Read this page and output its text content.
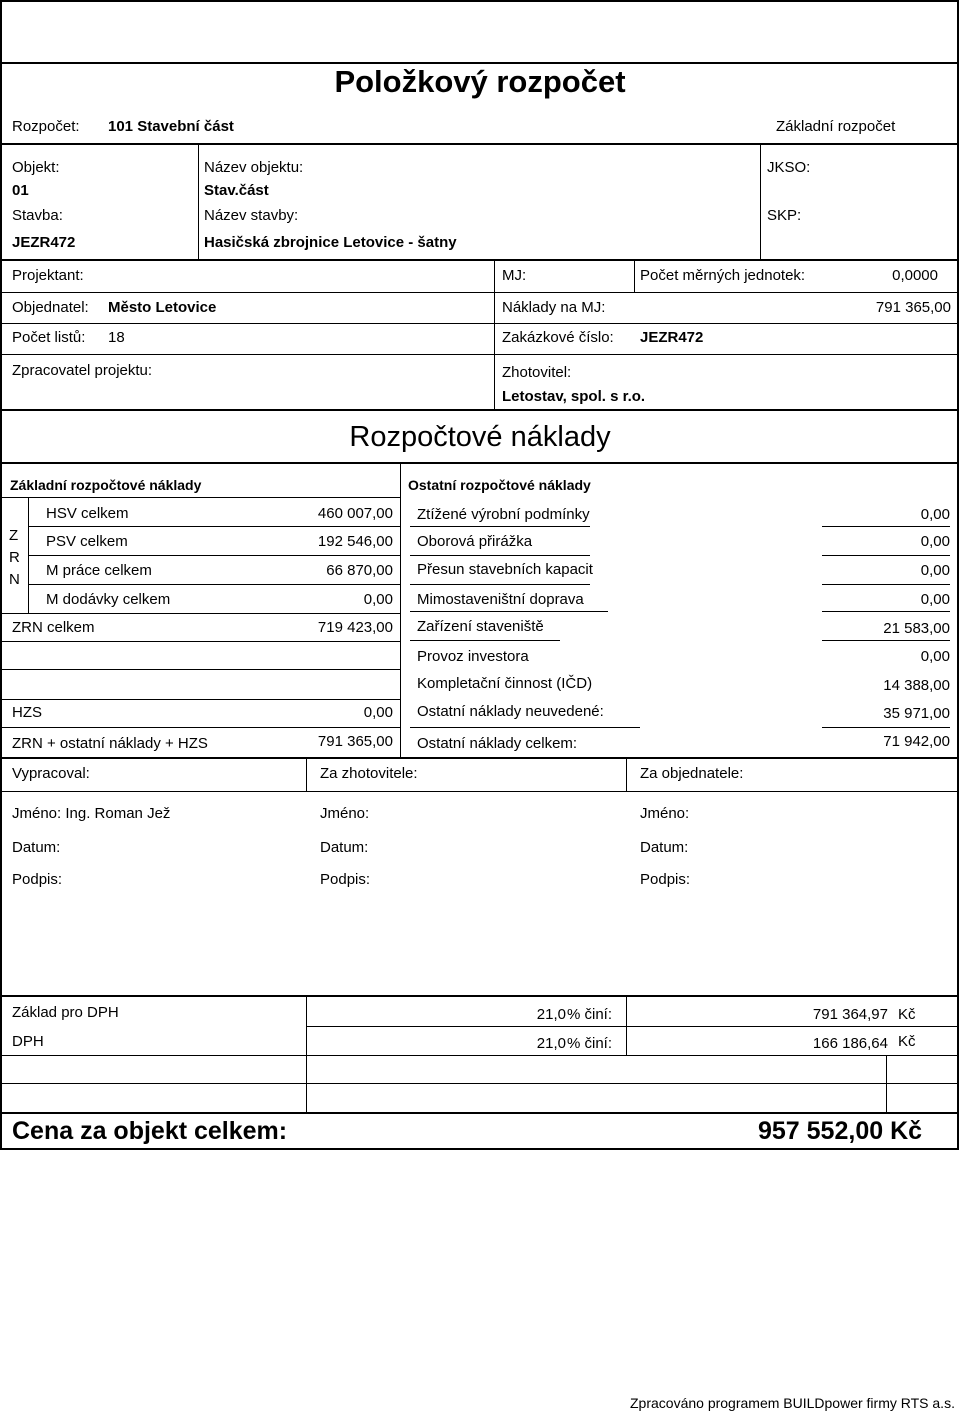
Položkový rozpočet
Rozpočet: 101 Stavební část	Základní rozpočet
Objekt:
01
Název objektu:
Stav.část
JKSO:
Stavba:
JEZR472
Název stavby:
Hasičská zbrojnice Letovice - šatny
SKP:
Projektant:	MJ:	Počet měrných jednotek:	0,0000
Objednatel: Město Letovice	Náklady na MJ:	791 365,00
Počet listů: 18	Zakázkové číslo: JEZR472
Zpracovatel projektu:	Zhotovitel:
Letostav, spol. s r.o.
Rozpočtové náklady
Základní rozpočtové náklady
Z
R
N
HSV celkem	460 007,00
PSV celkem	192 546,00
M práce celkem	66 870,00
M dodávky celkem	0,00
ZRN celkem	719 423,00
HZS	0,00
ZRN + ostatní náklady + HZS	791 365,00
Ostatní rozpočtové náklady
Ztížené výrobní podmínky	0,00
Oborová přirážka	0,00
Přesun stavebních kapacit	0,00
Mimostaveništní doprava	0,00
Zařízení staveniště	21 583,00
Provoz investora	0,00
Kompletační činnost (IČD)	14 388,00
Ostatní náklady neuvedené:	35 971,00
Ostatní náklady celkem:	71 942,00
Vypracoval:	Za zhotovitele:	Za objednatele:
Jméno: Ing. Roman Jež	Jméno:	Jméno:
Datum:	Datum:	Datum:
Podpis:	Podpis:	Podpis:
Základ pro DPH	21,0 % činí:	791 364,97 Kč
DPH	21,0 % činí:	166 186,64 Kč
Cena za objekt celkem:	957 552,00 Kč
Zpracováno programem BUILDpower firmy RTS a.s.
